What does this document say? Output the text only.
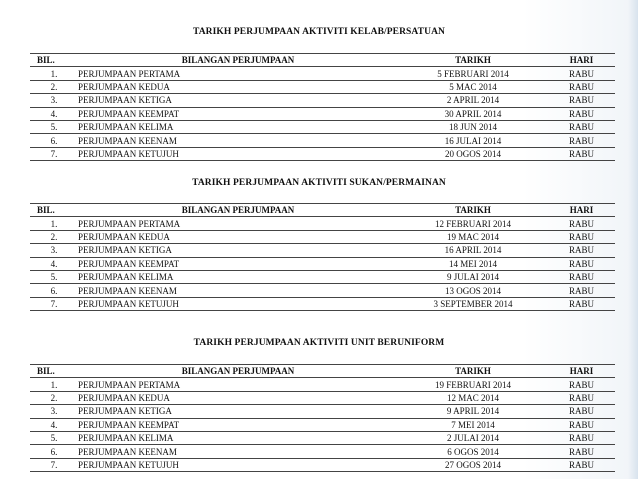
TARIKH PERJUMPAAN AKTIVITI KELAB/PERSATUAN
BIL.	BILANGAN PERJUMPAAN	TARIKH	HARI
1.	PERJUMPAAN PERTAMA	5 FEBRUARI 2014	RABU
2.	PERJUMPAAN KEDUA	5 MAC 2014	RABU
3.	PERJUMPAAN KETIGA	2 APRIL 2014	RABU
4.	PERJUMPAAN KEEMPAT	30 APRIL 2014	RABU
5.	PERJUMPAAN KELIMA	18 JUN 2014	RABU
6.	PERJUMPAAN KEENAM	16 JULAI 2014	RABU
7.	PERJUMPAAN KETUJUH	20 OGOS 2014	RABU
TARIKH PERJUMPAAN AKTIVITI SUKAN/PERMAINAN
BIL.	BILANGAN PERJUMPAAN	TARIKH	HARI
1.	PERJUMPAAN PERTAMA	12 FEBRUARI 2014	RABU
2.	PERJUMPAAN KEDUA	19 MAC 2014	RABU
3.	PERJUMPAAN KETIGA	16 APRIL 2014	RABU
4.	PERJUMPAAN KEEMPAT	14 MEI 2014	RABU
5.	PERJUMPAAN KELIMA	9 JULAI 2014	RABU
6.	PERJUMPAAN KEENAM	13 OGOS 2014	RABU
7.	PERJUMPAAN KETUJUH	3 SEPTEMBER 2014	RABU
TARIKH PERJUMPAAN AKTIVITI UNIT BERUNIFORM
BIL.	BILANGAN PERJUMPAAN	TARIKH	HARI
1.	PERJUMPAAN PERTAMA	19 FEBRUARI 2014	RABU
2.	PERJUMPAAN KEDUA	12 MAC 2014	RABU
3.	PERJUMPAAN KETIGA	9 APRIL 2014	RABU
4.	PERJUMPAAN KEEMPAT	7 MEI 2014	RABU
5.	PERJUMPAAN KELIMA	2 JULAI 2014	RABU
6.	PERJUMPAAN KEENAM	6 OGOS 2014	RABU
7.	PERJUMPAAN KETUJUH	27 OGOS 2014	RABU
